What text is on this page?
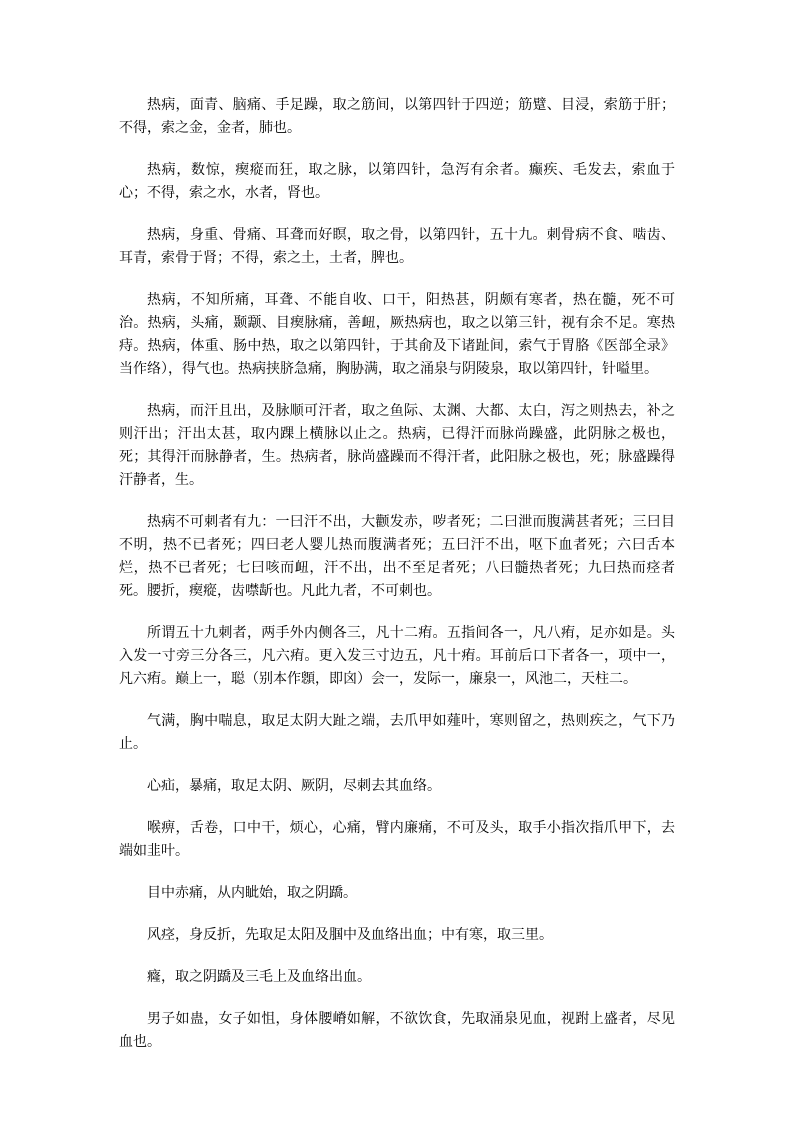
热病，面青、脑痛、手足躁，取之筋间，以第四针于四逆；筋躄、目浸，索筋于肝；不得，索之金，金者，肺也。

热病，数惊，瘈瘲而狂，取之脉，以第四针，急泻有余者。癫疾、毛发去，索血于心；不得，索之水，水者，肾也。

热病，身重、骨痛、耳聋而好瞑，取之骨，以第四针，五十九。刺骨病不食、啮齿、耳青，索骨于肾；不得，索之土，土者，脾也。

热病，不知所痛，耳聋、不能自收、口干，阳热甚，阴颇有寒者，热在髓，死不可治。热病，头痛，颞颥、目瘈脉痛，善衄，厥热病也，取之以第三针，视有余不足。寒热痔。热病，体重、肠中热，取之以第四针，于其俞及下诸趾间，索气于胃胳《医部全录》当作络），得气也。热病挟脐急痛，胸胁满，取之涌泉与阴陵泉，取以第四针，针嗌里。

热病，而汗且出，及脉顺可汗者，取之鱼际、太渊、大都、太白，泻之则热去，补之则汗出；汗出太甚，取内踝上横脉以止之。热病，已得汗而脉尚躁盛，此阴脉之极也，死；其得汗而脉静者，生。热病者，脉尚盛躁而不得汗者，此阳脉之极也，死；脉盛躁得汗静者，生。

热病不可刺者有九：一曰汗不出，大颧发赤，哕者死；二曰泄而腹满甚者死；三曰目不明，热不已者死；四曰老人婴儿热而腹满者死；五曰汗不出，呕下血者死；六曰舌本烂，热不已者死；七曰咳而衄，汗不出，出不至足者死；八曰髓热者死；九曰热而痉者死。腰折，瘈瘲，齿噤龂也。凡此九者，不可刺也。

所谓五十九刺者，两手外内侧各三，凡十二痏。五指间各一，凡八痏，足亦如是。头入发一寸旁三分各三，凡六痏。更入发三寸边五，凡十痏。耳前后口下者各一，项中一，凡六痏。巅上一，聪（别本作顖，即囟）会一，发际一，廉泉一，风池二，天柱二。

气满，胸中喘息，取足太阴大趾之端，去爪甲如薤叶，寒则留之，热则疾之，气下乃止。

心疝，暴痛，取足太阴、厥阴，尽刺去其血络。

喉痹，舌卷，口中干，烦心，心痛，臂内廉痛，不可及头，取手小指次指爪甲下，去端如韭叶。

目中赤痛，从内眦始，取之阴蹻。

风痉，身反折，先取足太阳及腘中及血络出血；中有寒，取三里。

癃，取之阴蹻及三毛上及血络出血。

男子如蛊，女子如怚，身体腰嵴如解，不欲饮食，先取涌泉见血，视跗上盛者，尽见血也。
